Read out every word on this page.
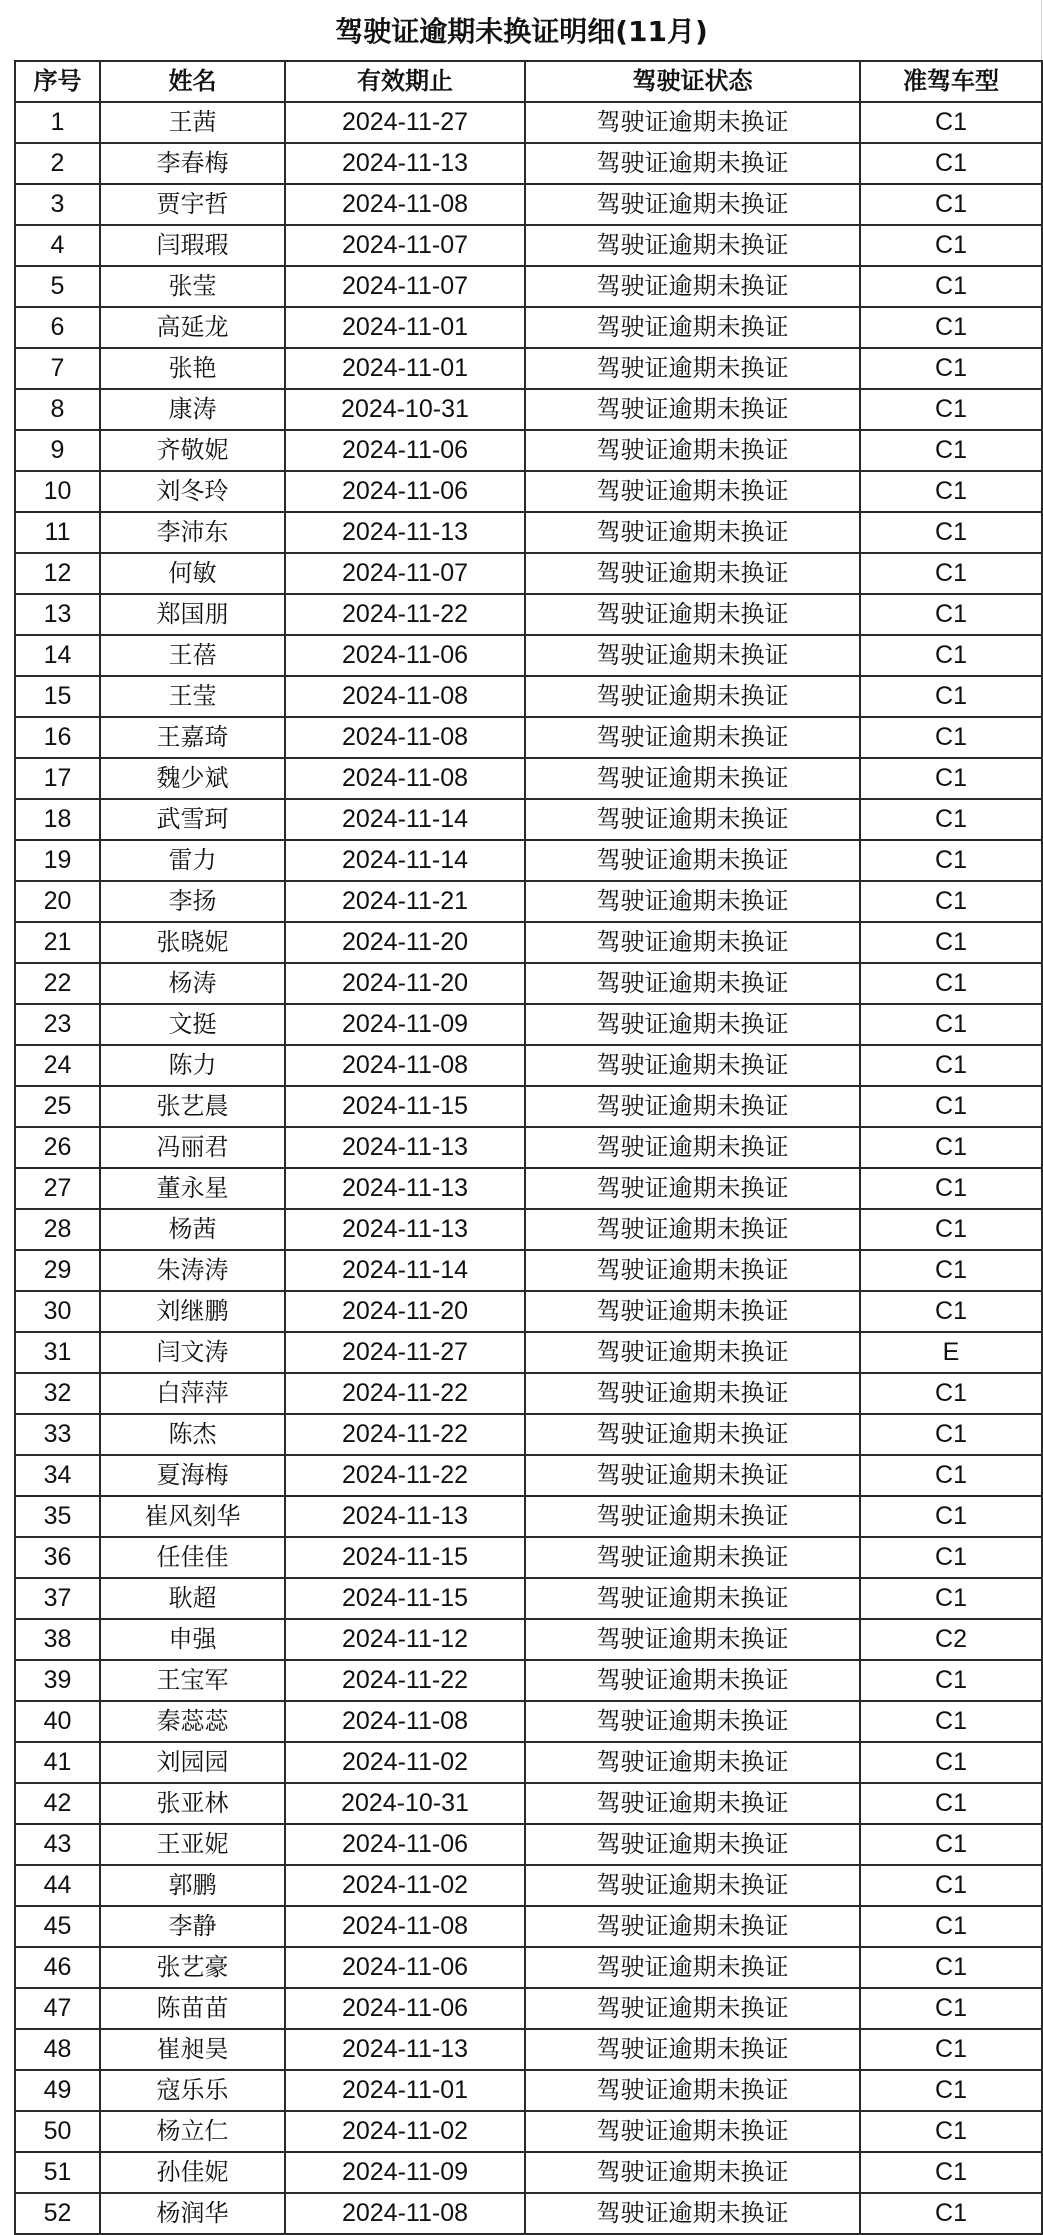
驾驶证逾期未换证明细(11月)
序号	姓名	有效期止	驾驶证状态	准驾车型
1	王茜	2024-11-27	驾驶证逾期未换证	C1
2	李春梅	2024-11-13	驾驶证逾期未换证	C1
3	贾宇哲	2024-11-08	驾驶证逾期未换证	C1
4	闫瑕瑕	2024-11-07	驾驶证逾期未换证	C1
5	张莹	2024-11-07	驾驶证逾期未换证	C1
6	高延龙	2024-11-01	驾驶证逾期未换证	C1
7	张艳	2024-11-01	驾驶证逾期未换证	C1
8	康涛	2024-10-31	驾驶证逾期未换证	C1
9	齐敬妮	2024-11-06	驾驶证逾期未换证	C1
10	刘冬玲	2024-11-06	驾驶证逾期未换证	C1
11	李沛东	2024-11-13	驾驶证逾期未换证	C1
12	何敏	2024-11-07	驾驶证逾期未换证	C1
13	郑国朋	2024-11-22	驾驶证逾期未换证	C1
14	王蓓	2024-11-06	驾驶证逾期未换证	C1
15	王莹	2024-11-08	驾驶证逾期未换证	C1
16	王嘉琦	2024-11-08	驾驶证逾期未换证	C1
17	魏少斌	2024-11-08	驾驶证逾期未换证	C1
18	武雪珂	2024-11-14	驾驶证逾期未换证	C1
19	雷力	2024-11-14	驾驶证逾期未换证	C1
20	李扬	2024-11-21	驾驶证逾期未换证	C1
21	张晓妮	2024-11-20	驾驶证逾期未换证	C1
22	杨涛	2024-11-20	驾驶证逾期未换证	C1
23	文挺	2024-11-09	驾驶证逾期未换证	C1
24	陈力	2024-11-08	驾驶证逾期未换证	C1
25	张艺晨	2024-11-15	驾驶证逾期未换证	C1
26	冯丽君	2024-11-13	驾驶证逾期未换证	C1
27	董永星	2024-11-13	驾驶证逾期未换证	C1
28	杨茜	2024-11-13	驾驶证逾期未换证	C1
29	朱涛涛	2024-11-14	驾驶证逾期未换证	C1
30	刘继鹏	2024-11-20	驾驶证逾期未换证	C1
31	闫文涛	2024-11-27	驾驶证逾期未换证	E
32	白萍萍	2024-11-22	驾驶证逾期未换证	C1
33	陈杰	2024-11-22	驾驶证逾期未换证	C1
34	夏海梅	2024-11-22	驾驶证逾期未换证	C1
35	崔风刻华	2024-11-13	驾驶证逾期未换证	C1
36	任佳佳	2024-11-15	驾驶证逾期未换证	C1
37	耿超	2024-11-15	驾驶证逾期未换证	C1
38	申强	2024-11-12	驾驶证逾期未换证	C2
39	王宝军	2024-11-22	驾驶证逾期未换证	C1
40	秦蕊蕊	2024-11-08	驾驶证逾期未换证	C1
41	刘园园	2024-11-02	驾驶证逾期未换证	C1
42	张亚林	2024-10-31	驾驶证逾期未换证	C1
43	王亚妮	2024-11-06	驾驶证逾期未换证	C1
44	郭鹏	2024-11-02	驾驶证逾期未换证	C1
45	李静	2024-11-08	驾驶证逾期未换证	C1
46	张艺豪	2024-11-06	驾驶证逾期未换证	C1
47	陈苗苗	2024-11-06	驾驶证逾期未换证	C1
48	崔昶昊	2024-11-13	驾驶证逾期未换证	C1
49	寇乐乐	2024-11-01	驾驶证逾期未换证	C1
50	杨立仁	2024-11-02	驾驶证逾期未换证	C1
51	孙佳妮	2024-11-09	驾驶证逾期未换证	C1
52	杨润华	2024-11-08	驾驶证逾期未换证	C1
